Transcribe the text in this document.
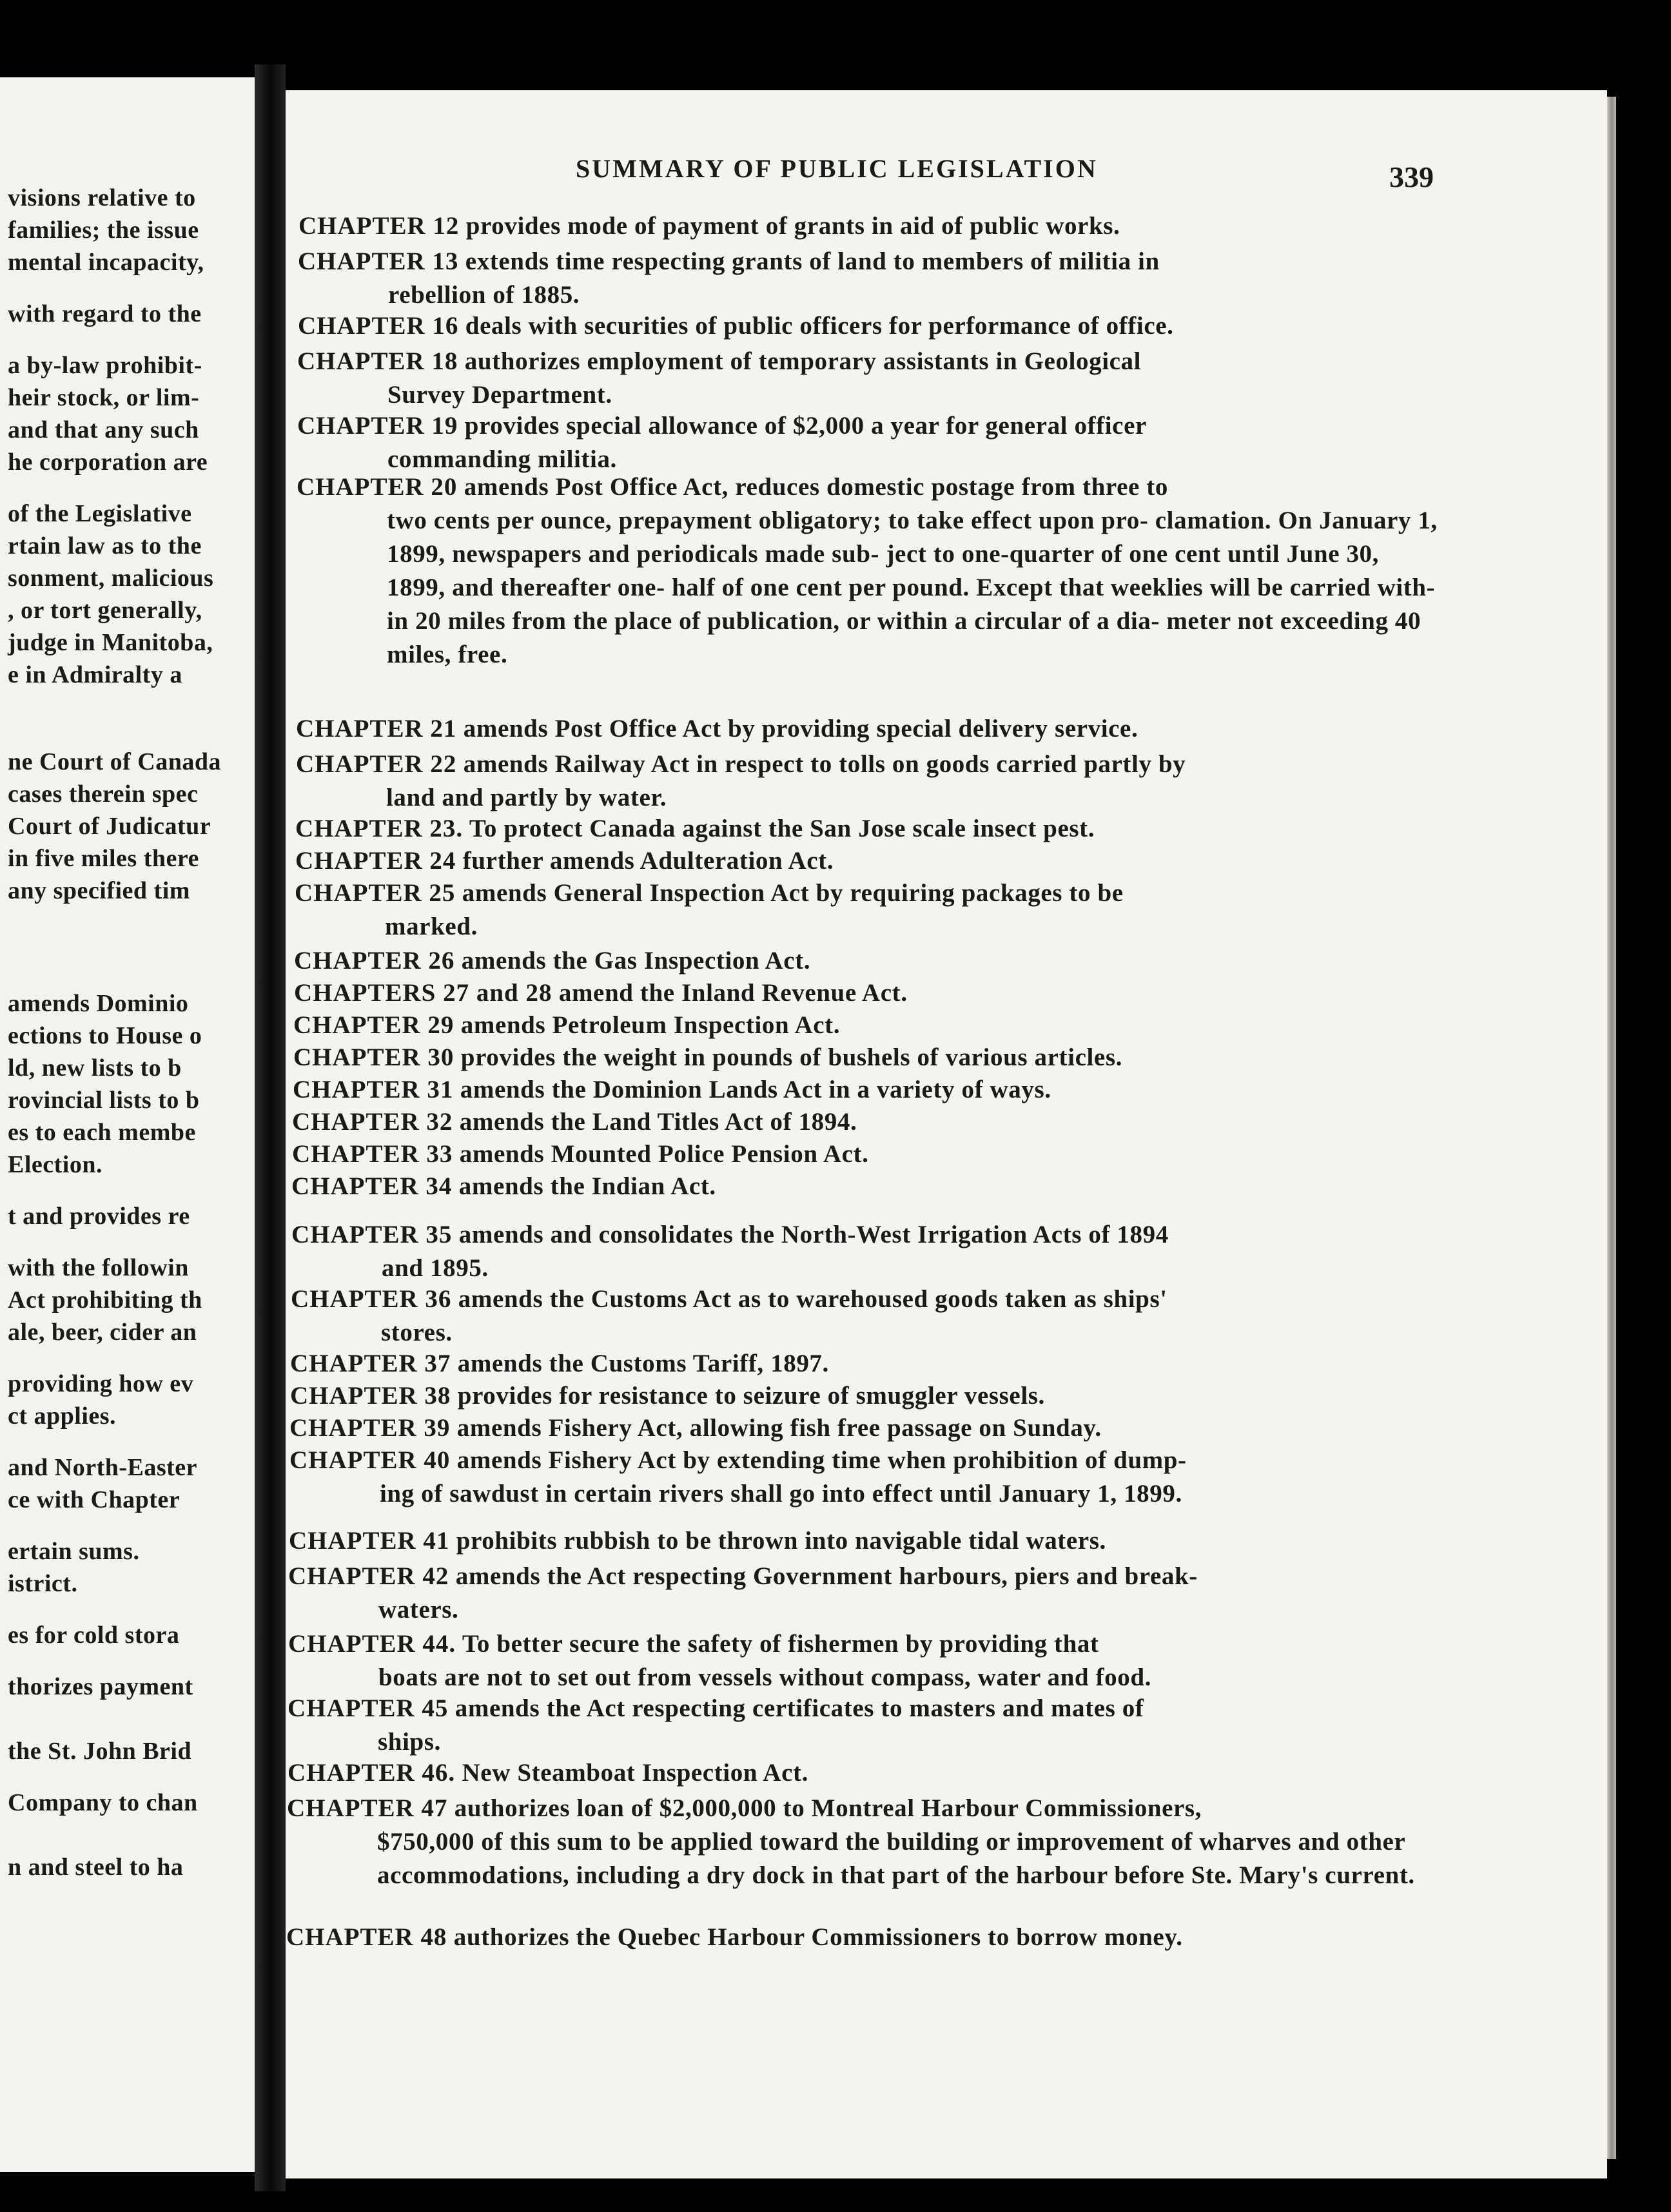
visions relative to
families; the issue
mental incapacity,
with regard to the
a by-law prohibit-
heir stock, or lim-
and that any such
he corporation are
of the Legislative
rtain law as to the
sonment, malicious
, or tort generally,
judge in Manitoba,
e in Admiralty a
ne Court of Canada
cases therein spec
Court of Judicatur
in five miles there
any specified tim
amends Dominio
ections to House o
ld, new lists to b
rovincial lists to b
es to each membe
Election.
t and provides re
with the followin
Act prohibiting th
ale, beer, cider an
providing how ev
ct applies.
and North-Easter
ce with Chapter
ertain sums.
istrict.
es for cold stora
thorizes payment
the St. John Brid
Company to chan
n and steel to ha
SUMMARY OF PUBLIC LEGISLATION	339
CHAPTER 12 provides mode of payment of grants in aid of public works.
CHAPTER 13 extends time respecting grants of land to members of militia in
rebellion of 1885.
CHAPTER 16 deals with securities of public officers for performance of office.
CHAPTER 18 authorizes employment of temporary assistants in Geological
Survey Department.
CHAPTER 19 provides special allowance of $2,000 a year for general officer
commanding militia.
CHAPTER 20 amends Post Office Act, reduces domestic postage from three to
two cents per ounce, prepayment obligatory; to take effect upon pro- clamation. On January 1, 1899, newspapers and periodicals made sub- ject to one-quarter of one cent until June 30, 1899, and thereafter one- half of one cent per pound. Except that weeklies will be carried with- in 20 miles from the place of publication, or within a circular of a dia- meter not exceeding 40 miles, free.
CHAPTER 21 amends Post Office Act by providing special delivery service.
CHAPTER 22 amends Railway Act in respect to tolls on goods carried partly by
land and partly by water.
CHAPTER 23. To protect Canada against the San Jose scale insect pest.
CHAPTER 24 further amends Adulteration Act.
CHAPTER 25 amends General Inspection Act by requiring packages to be
marked.
CHAPTER 26 amends the Gas Inspection Act.
CHAPTERS 27 and 28 amend the Inland Revenue Act.
CHAPTER 29 amends Petroleum Inspection Act.
CHAPTER 30 provides the weight in pounds of bushels of various articles.
CHAPTER 31 amends the Dominion Lands Act in a variety of ways.
CHAPTER 32 amends the Land Titles Act of 1894.
CHAPTER 33 amends Mounted Police Pension Act.
CHAPTER 34 amends the Indian Act.
CHAPTER 35 amends and consolidates the North-West Irrigation Acts of 1894
and 1895.
CHAPTER 36 amends the Customs Act as to warehoused goods taken as ships'
stores.
CHAPTER 37 amends the Customs Tariff, 1897.
CHAPTER 38 provides for resistance to seizure of smuggler vessels.
CHAPTER 39 amends Fishery Act, allowing fish free passage on Sunday.
CHAPTER 40 amends Fishery Act by extending time when prohibition of dump-
ing of sawdust in certain rivers shall go into effect until January 1, 1899.
CHAPTER 41 prohibits rubbish to be thrown into navigable tidal waters.
CHAPTER 42 amends the Act respecting Government harbours, piers and break-
waters.
CHAPTER 44. To better secure the safety of fishermen by providing that
boats are not to set out from vessels without compass, water and food.
CHAPTER 45 amends the Act respecting certificates to masters and mates of
ships.
CHAPTER 46. New Steamboat Inspection Act.
CHAPTER 47 authorizes loan of $2,000,000 to Montreal Harbour Commissioners,
$750,000 of this sum to be applied toward the building or improvement of wharves and other accommodations, including a dry dock in that part of the harbour before Ste. Mary's current.
CHAPTER 48 authorizes the Quebec Harbour Commissioners to borrow money.
